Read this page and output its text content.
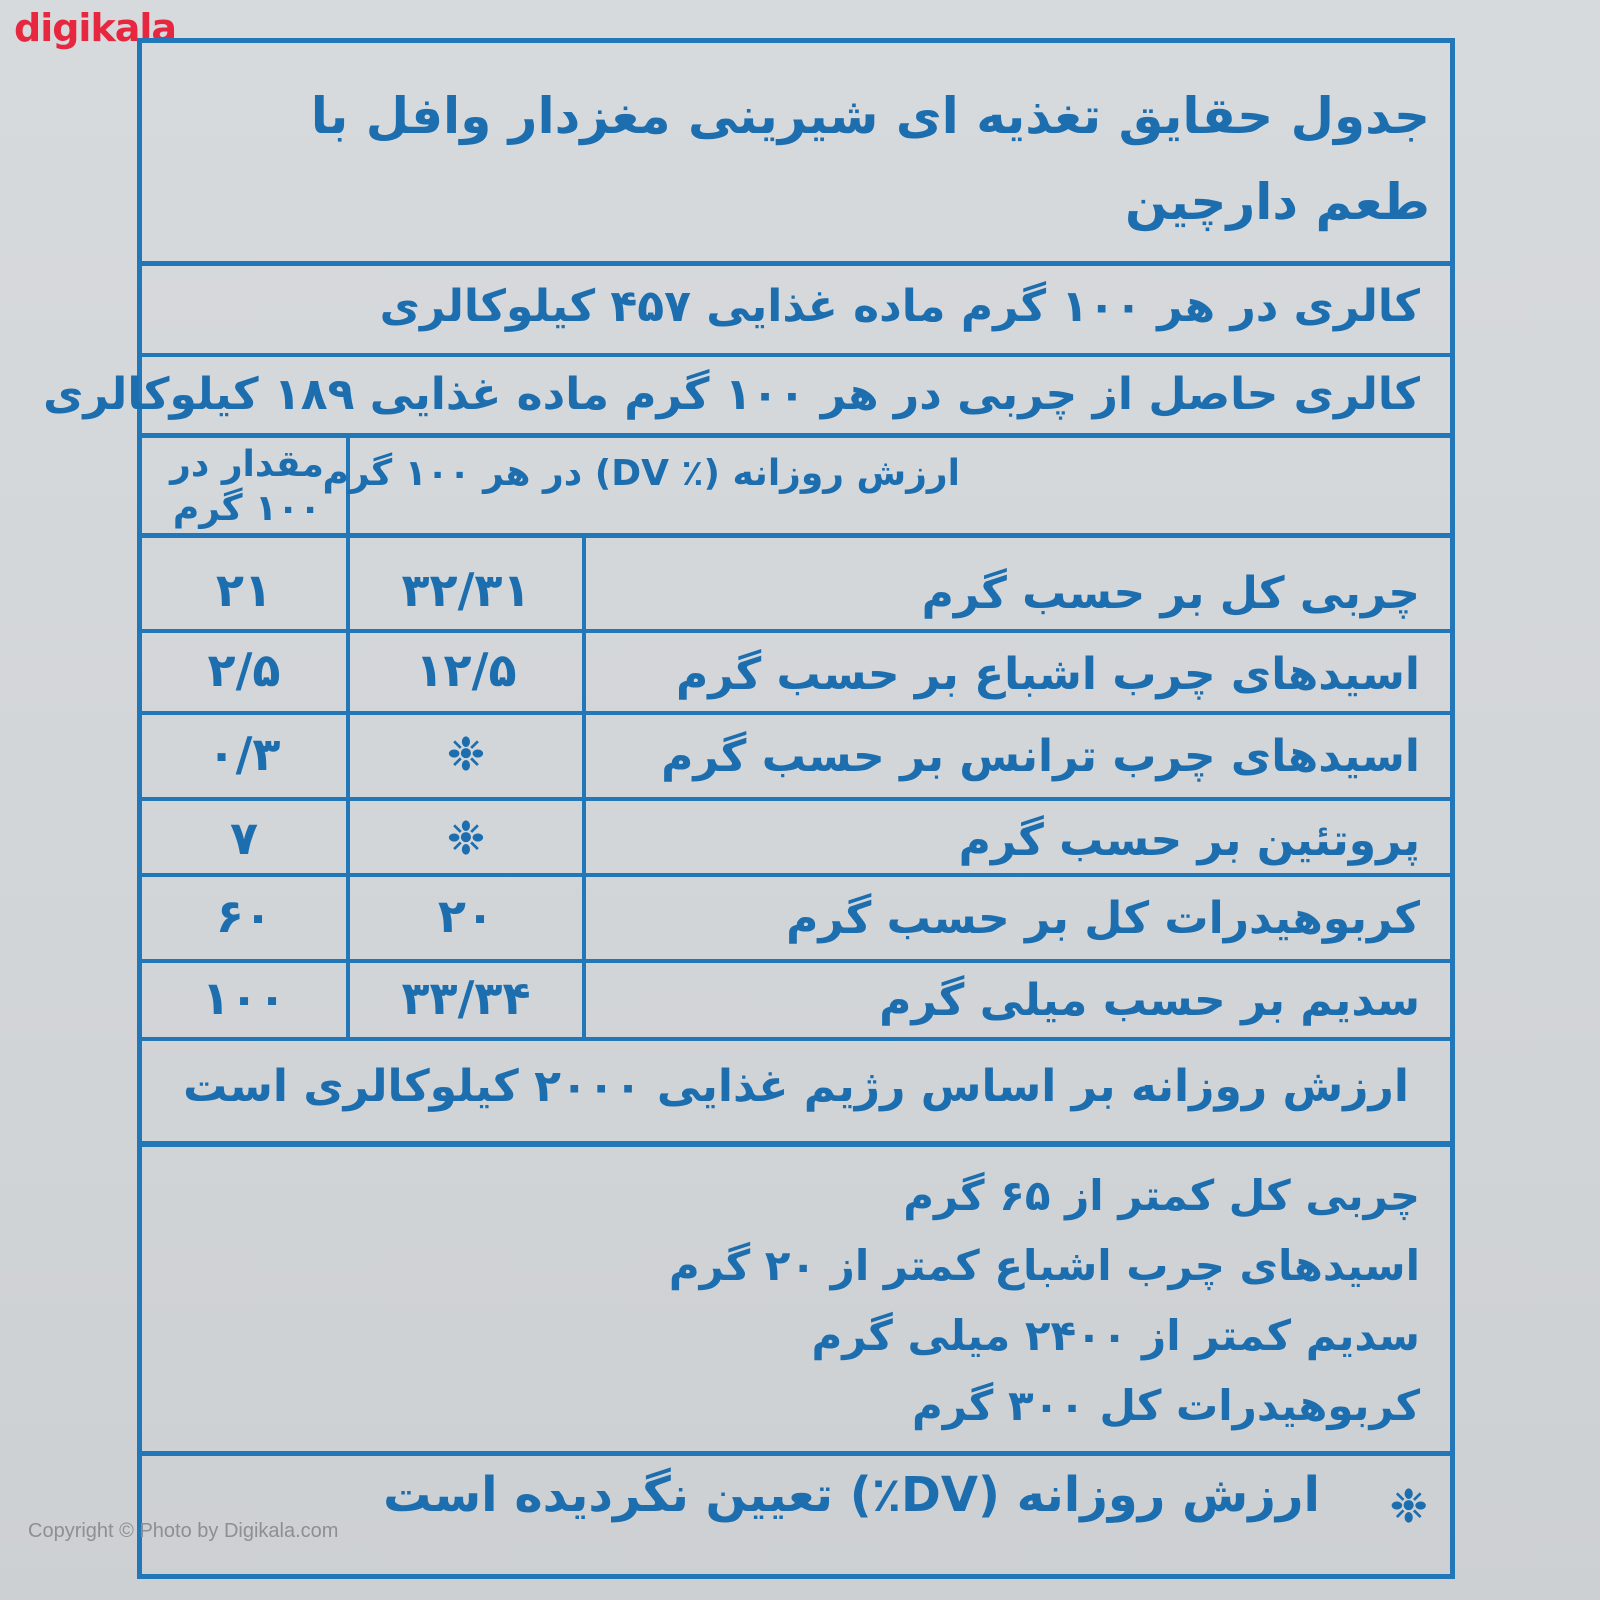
digikala
جدول حقایق تغذیه ای شیرینی مغزدار وافل با طعم دارچین
کالری در هر ۱۰۰ گرم ماده غذایی ۴۵۷ کیلوکالری
کالری حاصل از چربی در هر ۱۰۰ گرم ماده غذایی ۱۸۹ کیلوکالری
ارزش روزانه (٪ DV) در هر ۱۰۰ گرم
مقدار در
۱۰۰ گرم
چربی کل بر حسب گرم
۳۲/۳۱
۲۱
اسیدهای چرب اشباع بر حسب گرم
۱۲/۵
۲/۵
اسیدهای چرب ترانس بر حسب گرم
❉
۰/۳
پروتئین بر حسب گرم
❉
۷
کربوهیدرات کل بر حسب گرم
۲۰
۶۰
سدیم بر حسب میلی گرم
۳۳/۳۴
۱۰۰
ارزش روزانه بر اساس رژیم غذایی ۲۰۰۰ کیلوکالری است
چربی کل کمتر از ۶۵ گرم
اسیدهای چرب اشباع کمتر از ۲۰ گرم
سدیم کمتر از ۲۴۰۰ میلی گرم
کربوهیدرات کل ۳۰۰ گرم
❉
ارزش روزانه (DV٪) تعیین نگردیده است
Copyright © Photo by Digikala.com
